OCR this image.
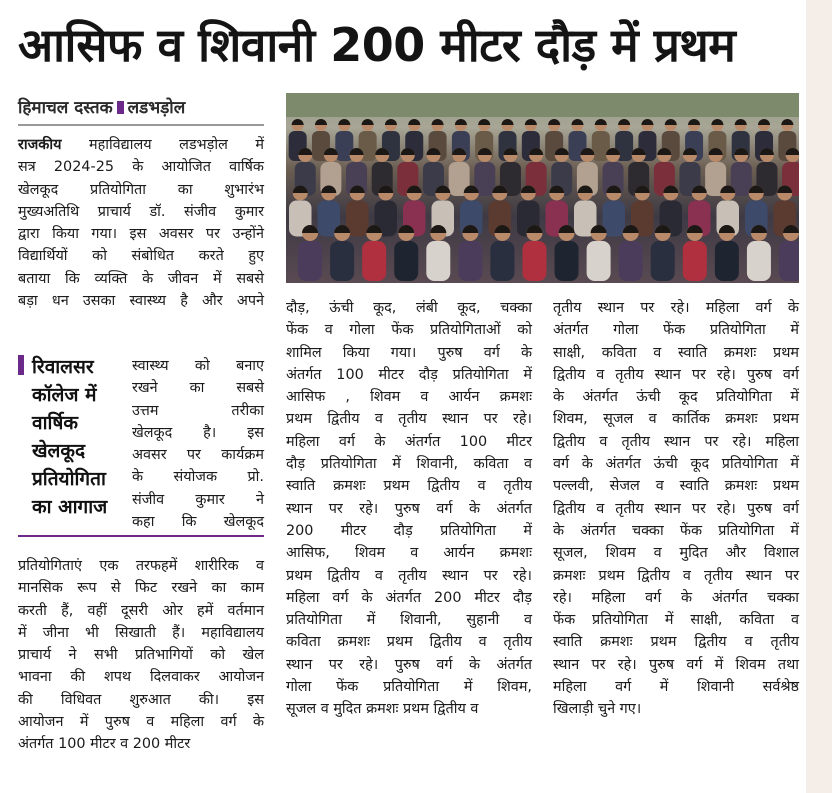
आसिफ व शिवानी 200 मीटर दौड़ में प्रथम
हिमाचल दस्तक लडभड़ोल

राजकीय महाविद्यालय लडभड़ोल में

सत्र 2024-25 के आयोजित वार्षिक

खेलकूद प्रतियोगिता का शुभारंभ

मुख्यअतिथि प्राचार्य डॉ. संजीव कुमार

द्वारा किया गया। इस अवसर पर उन्होंने

विद्यार्थियों को संबोधित करते हुए

बताया कि व्यक्ति के जीवन में सबसे

बड़ा धन उसका स्वास्थ्य है और अपने

स्वास्थ्य को बनाए

रखने का सबसे

उत्तम तरीका

खेलकूद है। इस

अवसर पर कार्यक्रम

के संयोजक प्रो.

संजीव कुमार ने

कहा कि खेलकूद

प्रतियोगिताएं एक तरफहमें शारीरिक व

मानसिक रूप से फिट रखने का काम

करती हैं, वहीं दूसरी ओर हमें वर्तमान

में जीना भी सिखाती हैं। महाविद्यालय

प्राचार्य ने सभी प्रतिभागियों को खेल

भावना की शपथ दिलवाकर आयोजन

की विधिवत शुरुआत की। इस

आयोजन में पुरुष व महिला वर्ग के

अंतर्गत 100 मीटर व 200 मीटर

रिवालसर कॉलेज में वार्षिक खेलकूद प्रतियोगिता का आगाज

दौड़, ऊंची कूद, लंबी कूद, चक्का

फेंक व गोला फेंक प्रतियोगिताओं को

शामिल किया गया। पुरुष वर्ग के

अंतर्गत 100 मीटर दौड़ प्रतियोगिता में

आसिफ , शिवम व आर्यन क्रमशः

प्रथम द्वितीय व तृतीय स्थान पर रहे।

महिला वर्ग के अंतर्गत 100 मीटर

दौड़ प्रतियोगिता में शिवानी, कविता व

स्वाति क्रमशः प्रथम द्वितीय व तृतीय

स्थान पर रहे। पुरुष वर्ग के अंतर्गत

200 मीटर दौड़ प्रतियोगिता में

आसिफ, शिवम व आर्यन क्रमशः

प्रथम द्वितीय व तृतीय स्थान पर रहे।

महिला वर्ग के अंतर्गत 200 मीटर दौड़

प्रतियोगिता में शिवानी, सुहानी व

कविता क्रमशः प्रथम द्वितीय व तृतीय

स्थान पर रहे। पुरुष वर्ग के अंतर्गत

गोला फेंक प्रतियोगिता में शिवम,

सूजल व मुदित क्रमशः प्रथम द्वितीय व

तृतीय स्थान पर रहे। महिला वर्ग के

अंतर्गत गोला फेंक प्रतियोगिता में

साक्षी, कविता व स्वाति क्रमशः प्रथम

द्वितीय व तृतीय स्थान पर रहे। पुरुष वर्ग

के अंतर्गत ऊंची कूद प्रतियोगिता में

शिवम, सूजल व कार्तिक क्रमशः प्रथम

द्वितीय व तृतीय स्थान पर रहे। महिला

वर्ग के अंतर्गत ऊंची कूद प्रतियोगिता में

पल्लवी, सेजल व स्वाति क्रमशः प्रथम

द्वितीय व तृतीय स्थान पर रहे। पुरुष वर्ग

के अंतर्गत चक्का फेंक प्रतियोगिता में

सूजल, शिवम व मुदित और विशाल

क्रमशः प्रथम द्वितीय व तृतीय स्थान पर

रहे। महिला वर्ग के अंतर्गत चक्का

फेंक प्रतियोगिता में साक्षी, कविता व

स्वाति क्रमशः प्रथम द्वितीय व तृतीय

स्थान पर रहे। पुरुष वर्ग में शिवम तथा

महिला वर्ग में शिवानी सर्वश्रेष्ठ

खिलाड़ी चुने गए।
